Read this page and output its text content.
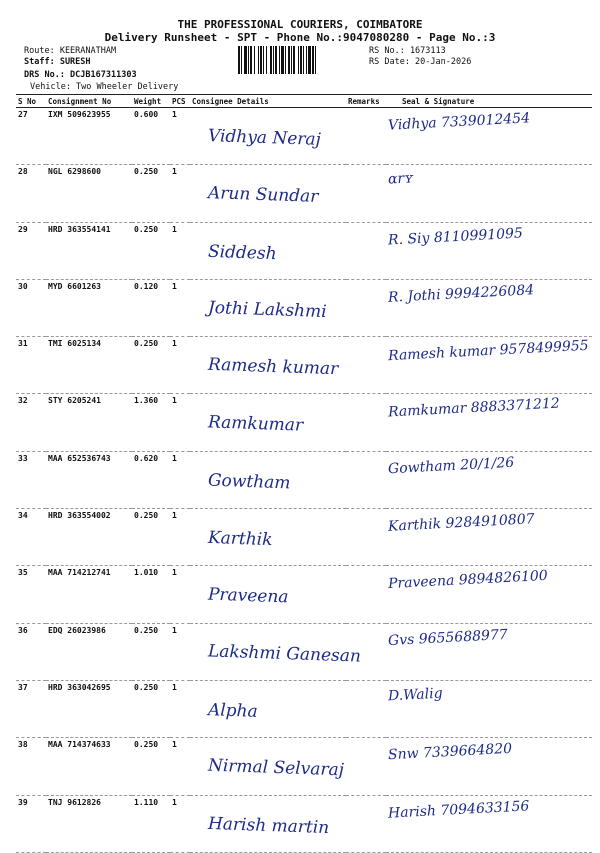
THE PROFESSIONAL COURIERS, COIMBATORE
Delivery Runsheet - SPT - Phone No.:9047080280 - Page No.:3
Route: KEERANATHAM
Staff: SURESH
DRS No.: DCJB167311303
Vehicle: Two Wheeler Delivery
RS No.: 1673113
RS Date: 20-Jan-2026
S No	Consignment No	Weight	PCS	Consignee Details	Remarks	Seal & Signature
27	IXM 509623955	0.600	1	Vidhya Neraj		Vidhya 7339012454

28	NGL 6298600	0.250	1	Arun Sundar		ɑrʏ

29	HRD 363554141	0.250	1	Siddesh		R. Siy 8110991095

30	MYD 6601263	0.120	1	Jothi Lakshmi		R. Jothi 9994226084

31	TMI 6025134	0.250	1	Ramesh kumar		Ramesh kumar 9578499955

32	STY 6205241	1.360	1	Ramkumar		Ramkumar 8883371212

33	MAA 652536743	0.620	1	Gowtham		Gowtham 20/1/26

34	HRD 363554002	0.250	1	Karthik		Karthik 9284910807

35	MAA 714212741	1.010	1	Praveena		Praveena 9894826100

36	EDQ 26023986	0.250	1	Lakshmi Ganesan		Gvs 9655688977

37	HRD 363042695	0.250	1	Alpha		D.Walig

38	MAA 714374633	0.250	1	Nirmal Selvaraj		Snw 7339664820

39	TNJ 9612826	1.110	1	Harish martin		Harish 7094633156
